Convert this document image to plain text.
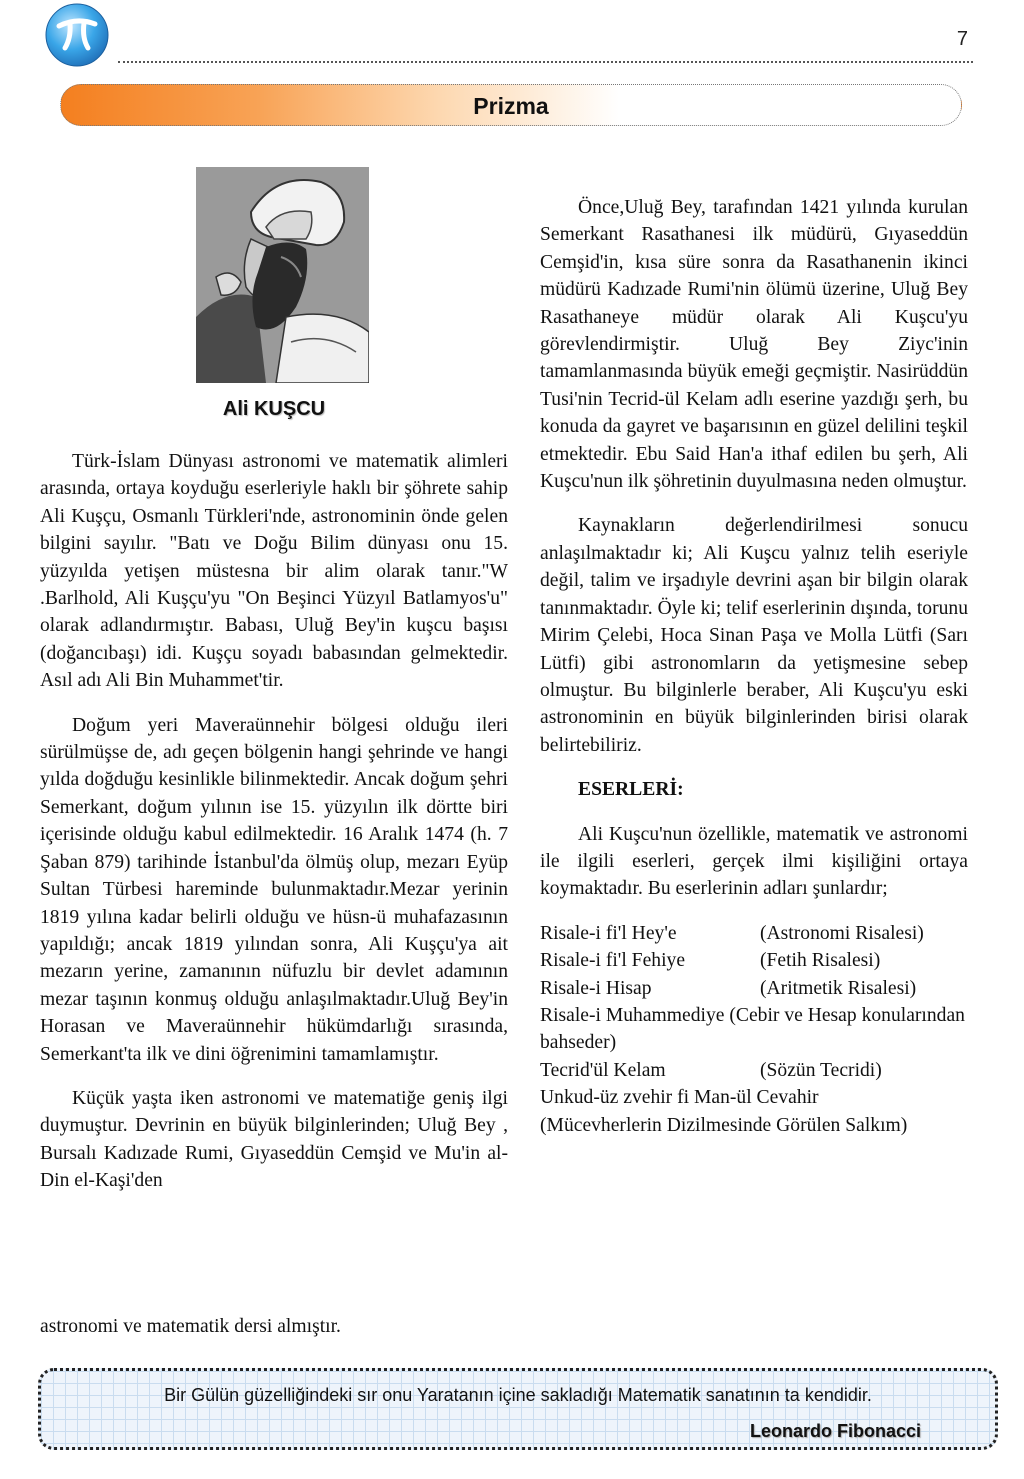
7
Prizma
Ali KUŞCU

Türk-İslam Dünyası astronomi ve matematik alimleri arasında, ortaya koyduğu eserleriyle haklı bir şöhrete sahip Ali Kuşçu, Osmanlı Türkleri'nde, astronominin önde gelen bilgini sayılır. "Batı ve Doğu Bilim dünyası onu 15. yüzyılda yetişen müstesna bir alim olarak tanır."W .Barlhold, Ali Kuşçu'yu "On Beşinci Yüzyıl Batlamyos'u" olarak adlandırmıştır. Babası, Uluğ Bey'in kuşcu başısı (doğancıbaşı) idi. Kuşçu soyadı babasından gelmektedir. Asıl adı Ali Bin Muhammet'tir.

Doğum yeri Maveraünnehir bölgesi olduğu ileri sürülmüşse de, adı geçen bölgenin hangi şehrinde ve hangi yılda doğduğu kesinlikle bilinmektedir. Ancak doğum şehri Semerkant, doğum yılının ise 15. yüzyılın ilk dörtte biri içerisinde olduğu kabul edilmektedir. 16 Aralık 1474 (h. 7 Şaban 879) tarihinde İstanbul'da ölmüş olup, mezarı Eyüp Sultan Türbesi hareminde bulunmaktadır.Mezar yerinin 1819 yılına kadar belirli olduğu ve hüsn-ü muhafazasının yapıldığı; ancak 1819 yılından sonra, Ali Kuşçu'ya ait mezarın yerine, zamanının nüfuzlu bir devlet adamının mezar taşının konmuş olduğu anlaşılmaktadır.Uluğ Bey'in Horasan ve Maveraünnehir hükümdarlığı sırasında, Semerkant'ta ilk ve dini öğrenimini tamamlamıştır.

Küçük yaşta iken astronomi ve matematiğe geniş ilgi duymuştur. Devrinin en büyük bilginlerinden; Uluğ Bey , Bursalı Kadızade Rumi, Gıyaseddün Cemşid ve Mu'in al-Din el-Kaşi'den

astronomi ve matematik dersi almıştır.

Önce,Uluğ Bey, tarafından 1421 yılında kurulan Semerkant Rasathanesi ilk müdürü, Gıyaseddün Cemşid'in, kısa süre sonra da Rasathanenin ikinci müdürü Kadızade Rumi'nin ölümü üzerine, Uluğ Bey Rasathaneye müdür olarak Ali Kuşcu'yu görevlendirmiştir. Uluğ Bey Ziyc'inin tamamlanmasında büyük emeği geçmiştir. Nasirüddün Tusi'nin Tecrid-ül Kelam adlı eserine yazdığı şerh, bu konuda da gayret ve başarısının en güzel delilini teşkil etmektedir. Ebu Said Han'a ithaf edilen bu şerh, Ali Kuşcu'nun ilk şöhretinin duyulmasına neden olmuştur.

Kaynakların değerlendirilmesi sonucu anlaşılmaktadır ki; Ali Kuşcu yalnız telih eseriyle değil, talim ve irşadıyle devrini aşan bir bilgin olarak tanınmaktadır. Öyle ki; telif eserlerinin dışında, torunu Mirim Çelebi, Hoca Sinan Paşa ve Molla Lütfi (Sarı Lütfi) gibi astronomların da yetişmesine sebep olmuştur. Bu bilginlerle beraber, Ali Kuşcu'yu eski astronominin en büyük bilginlerinden birisi olarak belirtebiliriz.

ESERLERİ:

Ali Kuşcu'nun özellikle, matematik ve astronomi ile ilgili eserleri, gerçek ilmi kişiliğini ortaya koymaktadır. Bu eserlerinin adları şunlardır;

Risale-i fi'l Hey'e	(Astronomi Risalesi)
Risale-i fi'l Fehiye	(Fetih Risalesi)
Risale-i Hisap	(Aritmetik Risalesi)
Risale-i Muhammediye (Cebir ve Hesap konularından bahseder)
Tecrid'ül Kelam	(Sözün Tecridi)
Unkud-üz zvehir fi Man-ül Cevahir
(Mücevherlerin Dizilmesinde Görülen Salkım)
Bir Gülün güzelliğindeki sır onu Yaratanın içine sakladığı Matematik sanatının ta kendidir.
Leonardo Fibonacci
